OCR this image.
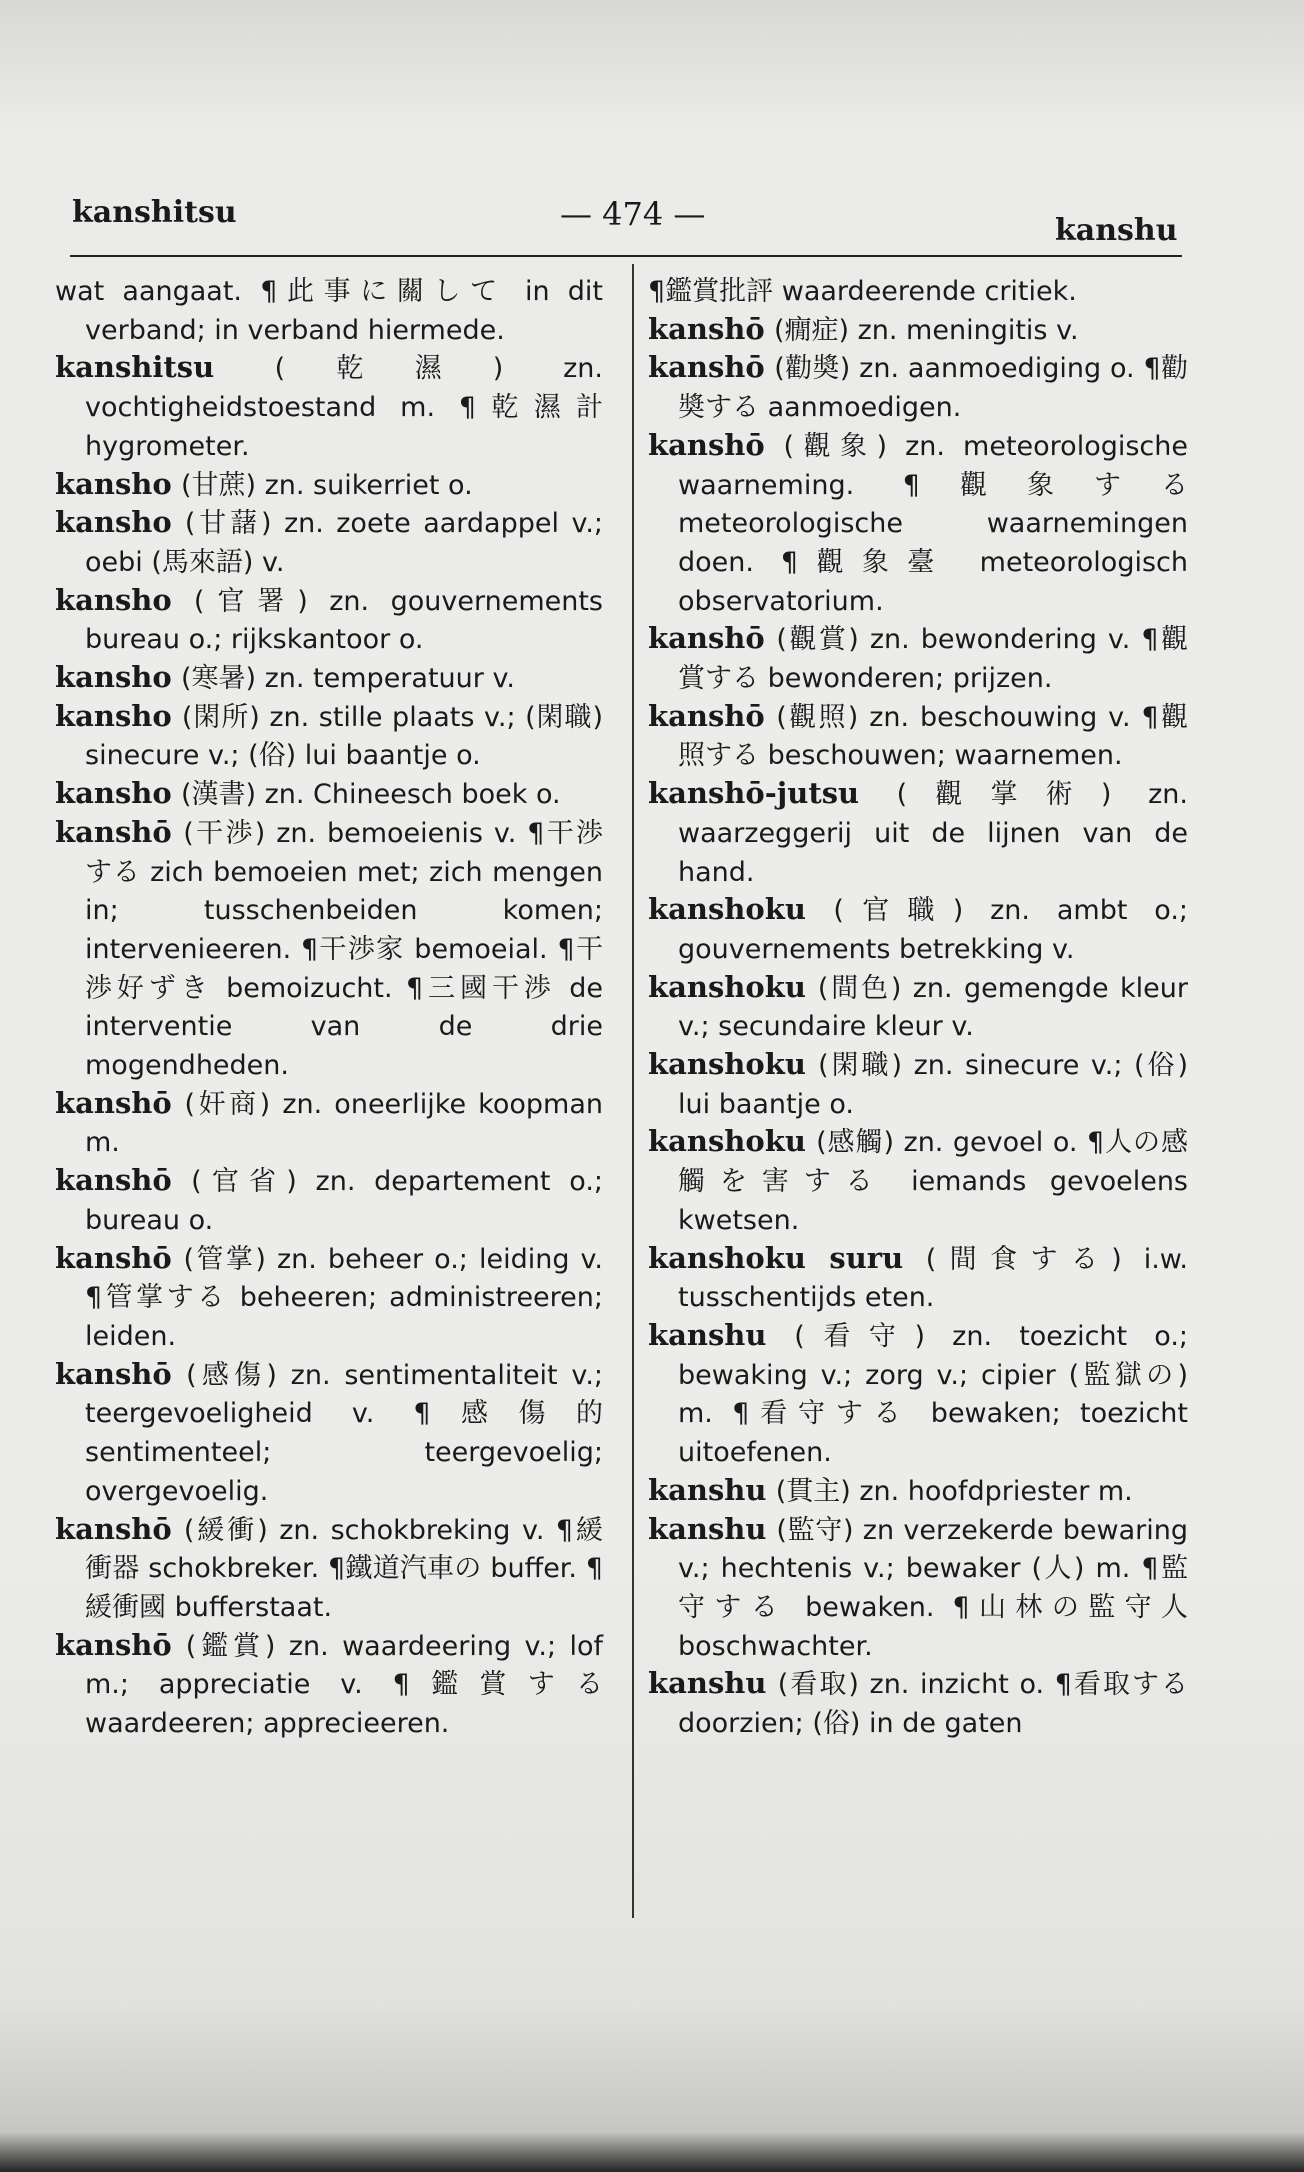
kanshitsu	— 474 —	kanshu
wat aangaat. ¶此事に關して in dit verband; in verband hiermede.
kanshitsu (乾濕) zn. vochtigheidstoestand m. ¶乾濕計 hygrometer.
kansho (甘蔗) zn. suikerriet o.
kansho (甘藷) zn. zoete aardappel v.; oebi (馬來語) v.
kansho (官署) zn. gouvernements bureau o.; rijkskantoor o.
kansho (寒暑) zn. temperatuur v.
kansho (閑所) zn. stille plaats v.; (閑職) sinecure v.; (俗) lui baantje o.
kansho (漢書) zn. Chineesch boek o.
kanshō (干渉) zn. bemoeienis v. ¶干渉する zich bemoeien met; zich mengen in; tusschenbeiden komen; intervenieeren. ¶干渉家 bemoeial. ¶干渉好ずき bemoizucht. ¶三國干渉 de interventie van de drie mogendheden.
kanshō (奸商) zn. oneerlijke koopman m.
kanshō (官省) zn. departement o.; bureau o.
kanshō (管掌) zn. beheer o.; leiding v. ¶管掌する beheeren; administreeren; leiden.
kanshō (感傷) zn. sentimentaliteit v.; teergevoeligheid v. ¶感傷的 sentimenteel; teergevoelig; overgevoelig.
kanshō (緩衝) zn. schokbreking v. ¶緩衝器 schokbreker. ¶鐵道汽車の buffer. ¶緩衝國 bufferstaat.
kanshō (鑑賞) zn. waardeering v.; lof m.; appreciatie v. ¶鑑賞する waardeeren; apprecieeren.
¶鑑賞批評 waardeerende critiek.
kanshō (癇症) zn. meningitis v.
kanshō (勸奬) zn. aanmoediging o. ¶勸奬する aanmoedigen.
kanshō (觀象) zn. meteorologische waarneming. ¶觀象する meteorologische waarnemingen doen. ¶觀象臺 meteorologisch observatorium.
kanshō (觀賞) zn. bewondering v. ¶觀賞する bewonderen; prijzen.
kanshō (觀照) zn. beschouwing v. ¶觀照する beschouwen; waarnemen.
kanshō-jutsu (觀掌術) zn. waarzeggerij uit de lijnen van de hand.
kanshoku (官職) zn. ambt o.; gouvernements betrekking v.
kanshoku (間色) zn. gemengde kleur v.; secundaire kleur v.
kanshoku (閑職) zn. sinecure v.; (俗) lui baantje o.
kanshoku (感觸) zn. gevoel o. ¶人の感觸を害する iemands gevoelens kwetsen.
kanshoku suru (間食する) i.w. tusschentijds eten.
kanshu (看守) zn. toezicht o.; bewaking v.; zorg v.; cipier (監獄の) m. ¶看守する bewaken; toezicht uitoefenen.
kanshu (貫主) zn. hoofdpriester m.
kanshu (監守) zn verzekerde bewaring v.; hechtenis v.; bewaker (人) m. ¶監守する bewaken. ¶山林の監守人 boschwachter.
kanshu (看取) zn. inzicht o. ¶看取する doorzien; (俗) in de gaten
